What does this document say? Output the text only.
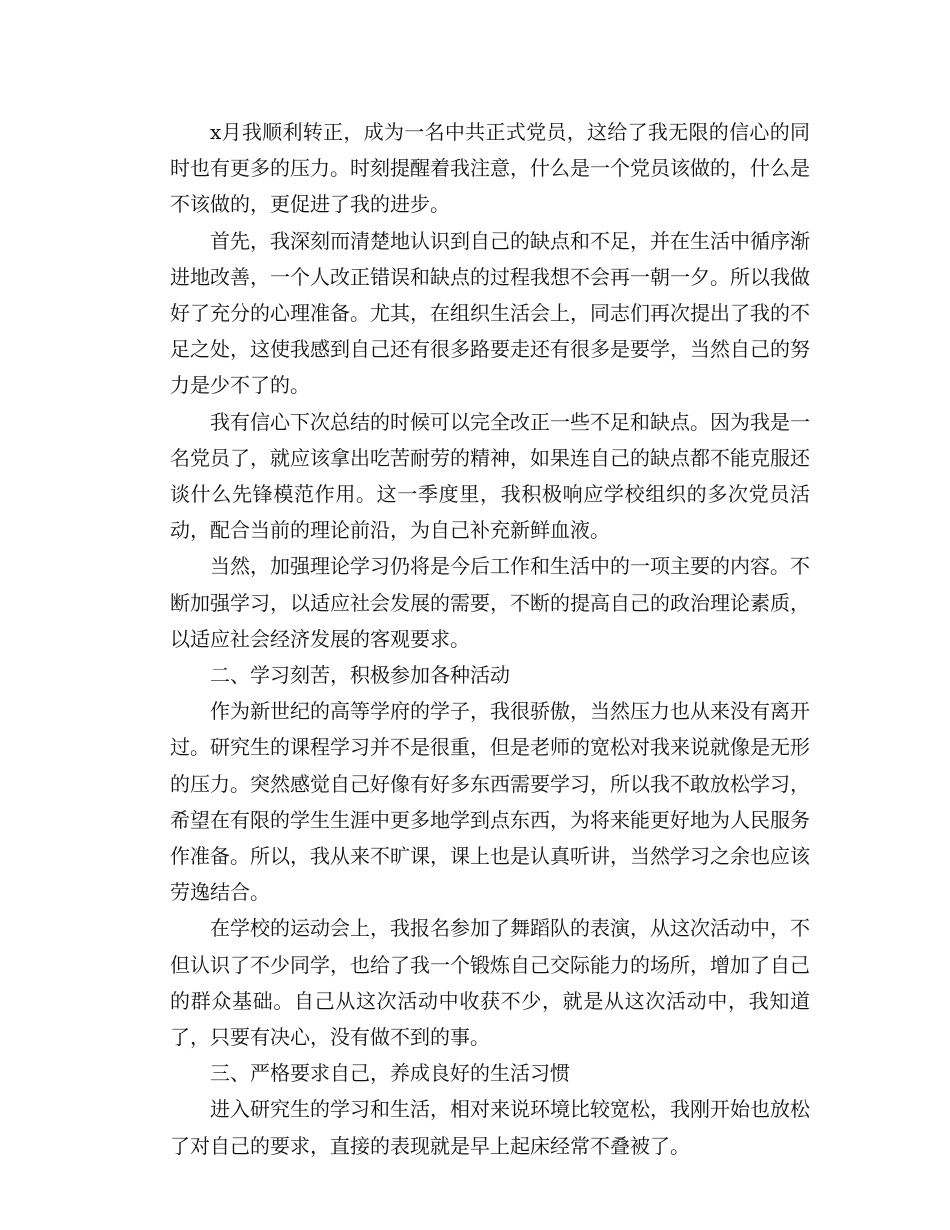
x月我顺利转正，成为一名中共正式党员，这给了我无限的信心的同时也有更多的压力。时刻提醒着我注意，什么是一个党员该做的，什么是不该做的，更促进了我的进步。

首先，我深刻而清楚地认识到自己的缺点和不足，并在生活中循序渐进地改善，一个人改正错误和缺点的过程我想不会再一朝一夕。所以我做好了充分的心理准备。尤其，在组织生活会上，同志们再次提出了我的不足之处，这使我感到自己还有很多路要走还有很多是要学，当然自己的努力是少不了的。

我有信心下次总结的时候可以完全改正一些不足和缺点。因为我是一名党员了，就应该拿出吃苦耐劳的精神，如果连自己的缺点都不能克服还谈什么先锋模范作用。这一季度里，我积极响应学校组织的多次党员活动，配合当前的理论前沿，为自己补充新鲜血液。

当然，加强理论学习仍将是今后工作和生活中的一项主要的内容。不断加强学习，以适应社会发展的需要，不断的提高自己的政治理论素质，以适应社会经济发展的客观要求。

二、学习刻苦，积极参加各种活动

作为新世纪的高等学府的学子，我很骄傲，当然压力也从来没有离开过。研究生的课程学习并不是很重，但是老师的宽松对我来说就像是无形的压力。突然感觉自己好像有好多东西需要学习，所以我不敢放松学习，希望在有限的学生生涯中更多地学到点东西，为将来能更好地为人民服务作准备。所以，我从来不旷课，课上也是认真听讲，当然学习之余也应该劳逸结合。

在学校的运动会上，我报名参加了舞蹈队的表演，从这次活动中，不但认识了不少同学，也给了我一个锻炼自己交际能力的场所，增加了自己的群众基础。自己从这次活动中收获不少，就是从这次活动中，我知道了，只要有决心，没有做不到的事。

三、严格要求自己，养成良好的生活习惯

进入研究生的学习和生活，相对来说环境比较宽松，我刚开始也放松了对自己的要求，直接的表现就是早上起床经常不叠被了。
